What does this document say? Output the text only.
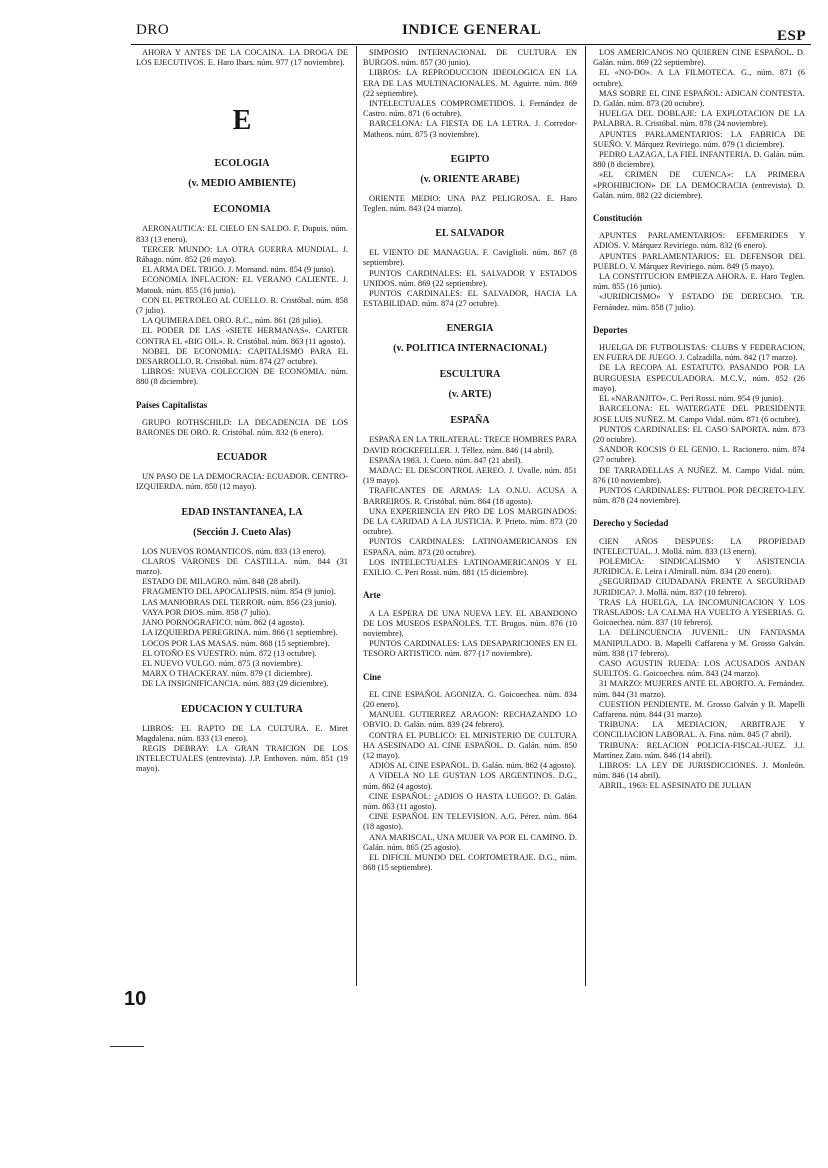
DRO	INDICE GENERAL	ESP
AHORA Y ANTES DE LA COCAINA. LA DROGA DE LOS EJECUTIVOS. E. Haro Ibars. núm. 977 (17 noviembre).
E
ECOLOGIA
(v. MEDIO AMBIENTE)
ECONOMIA
AERONAUTICA: EL CIELO EN SALDO. F. Dupuis. núm. 833 (13 enero).
TERCER MUNDO: LA OTRA GUERRA MUNDIAL. J. Rábago. núm. 852 (26 mayo).
EL ARMA DEL TRIGO. J. Mornand. núm. 854 (9 junio).
ECONOMIA INFLACION: EL VERANO CALIENTE. J. Matouk. núm. 855 (16 junio).
CON EL PETROLEO AL CUELLO. R. Cristóbal. núm. 858 (7 julio).
LA QUIMERA DEL ORO. R.C., núm. 861 (28 julio).
EL PODER DE LAS «SIETE HERMANAS». CARTER CONTRA EL «BIG OIL». R. Cristóbal. núm. 863 (11 agosto).
NOBEL DE ECONOMIA: CAPITALISMO PARA EL DESARROLLO. R. Cristóbal. núm. 874 (27 octubre).
LIBROS: NUEVA COLECCION DE ECONOMIA. núm. 880 (8 diciembre).
Países Capitalistas
GRUPO ROTHSCHILD: LA DECADENCIA DE LOS BARONES DE ORO. R. Cristóbal. núm. 832 (6 enero).
ECUADOR
UN PASO DE LA DEMOCRACIA: ECUADOR. CENTRO-IZQUIERDA. núm. 850 (12 mayo).
EDAD INSTANTANEA, LA
(Sección J. Cueto Alas)
LOS NUEVOS ROMANTICOS. núm. 833 (13 enero).
CLAROS VARONES DE CASTILLA. núm. 844 (31 marzo).
ESTADO DE MILAGRO. núm. 848 (28 abril).
FRAGMENTO DEL APOCALIPSIS. núm. 854 (9 junio).
LAS MANIOBRAS DEL TERROR. núm. 856 (23 junio).
VAYA POR DIOS. núm. 858 (7 julio).
JANO PORNOGRAFICO. núm. 862 (4 agosto).
LA IZQUIERDA PEREGRINA. núm. 866 (1 septiembre).
LOCOS POR LAS MASAS. núm. 868 (15 septiembre).
EL OTOÑO ES VUESTRO. núm. 872 (13 octubre).
EL NUEVO VULGO. núm. 875 (3 noviembre).
MARX O THACKERAY. núm. 879 (1 diciembre).
DE LA INSIGNIFICANCIA. núm. 883 (29 diciembre).
EDUCACION Y CULTURA
LIBROS: EL RAPTO DE LA CULTURA. E. Miret Magdalena. núm. 833 (13 enero).
REGIS DEBRAY: LA GRAN TRAICION DE LOS INTELECTUALES (entrevista). J.P. Enthoven. núm. 851 (19 mayo).
SIMPOSIO INTERNACIONAL DE CULTURA EN BURGOS. núm. 857 (30 junio).
LIBROS: LA REPRODUCCION IDEOLOGICA EN LA ERA DE LAS MULTINACIONALES. M. Aguirre. núm. 869 (22 septiembre).
INTELECTUALES COMPROMETIDOS. I. Fernández de Castro. núm. 871 (6 octubre).
BARCELONA: LA FIESTA DE LA LETRA. J. Corredor-Matheos. núm. 875 (3 noviembre).
EGIPTO
(v. ORIENTE ARABE)
ORIENTE MEDIO: UNA PAZ PELIGROSA. E. Haro Teglen. núm. 843 (24 marzo).
EL SALVADOR
EL VIENTO DE MANAGUA. F. Caviglioli. núm. 867 (8 septiembre).
PUNTOS CARDINALES: EL SALVADOR Y ESTADOS UNIDOS. núm. 869 (22 septiembre).
PUNTOS CARDINALES: EL SALVADOR, HACIA LA ESTABILIDAD. núm. 874 (27 octubre).
ENERGIA
(v. POLITICA INTERNACIONAL)
ESCULTURA
(v. ARTE)
ESPAÑA
ESPAÑA EN LA TRILATERAL: TRECE HOMBRES PARA DAVID ROCKEFELLER. J. Téllez. núm. 846 (14 abril).
ESPAÑA 1983. J. Cueto. núm. 847 (21 abril).
MADAC: EL DESCONTROL AEREO. J. Uvalle. núm. 851 (19 mayo).
TRAFICANTES DE ARMAS: LA O.N.U. ACUSA A BARREIROS. R. Cristóbal. núm. 864 (18 agosto).
UNA EXPERIENCIA EN PRO DE LOS MARGINADOS: DE LA CARIDAD A LA JUSTICIA. P. Prieto. núm. 873 (20 octubre).
PUNTOS CARDINALES: LATINOAMERICANOS EN ESPAÑA. núm. 873 (20 octubre).
LOS INTELECTUALES LATINOAMERICANOS Y EL EXILIO. C. Peri Rossi. núm. 881 (15 diciembre).
Arte
A LA ESPERA DE UNA NUEVA LEY. EL ABANDONO DE LOS MUSEOS ESPAÑOLES. T.T. Brugos. núm. 876 (10 noviembre).
PUNTOS CARDINALES: LAS DESAPARICIONES EN EL TESORO ARTISTICO. núm. 877 (17 noviembre).
Cine
EL CINE ESPAÑOL AGONIZA. G. Goicoechea. núm. 834 (20 enero).
MANUEL GUTIERREZ ARAGON: RECHAZANDO LO OBVIO. D. Galán. núm. 839 (24 febrero).
CONTRA EL PUBLICO: EL MINISTERIO DE CULTURA HA ASESINADO AL CINE ESPAÑOL. D. Galán. núm. 850 (12 mayo).
ADIOS AL CINE ESPAÑOL. D. Galán. núm. 862 (4 agosto).
A VIDELA NO LE GUSTAN LOS ARGENTINOS. D.G., núm. 862 (4 agosto).
CINE ESPAÑOL: ¿ADIOS O HASTA LUEGO?. D. Galán. núm. 863 (11 agosto).
CINE ESPAÑOL EN TELEVISION. A.G. Pérez. núm. 864 (18 agosto).
ANA MARISCAL, UNA MUJER VA POR EL CAMINO. D. Galán. núm. 865 (25 agosto).
EL DIFICIL MUNDO DEL CORTOMETRAJE. D.G., núm. 868 (15 septiembre).
LOS AMERICANOS NO QUIEREN CINE ESPAÑOL. D. Galán. núm. 869 (22 septiembre).
EL «NO-DO». A LA FILMOTECA. G., núm. 871 (6 octubre).
MAS SOBRE EL CINE ESPAÑOL: ADICAN CONTESTA. D. Galán. núm. 873 (20 octubre).
HUELGA DEL DOBLAJE: LA EXPLOTACION DE LA PALABRA. R. Cristóbal. núm. 878 (24 noviembre).
APUNTES PARLAMENTARIOS: LA FABRICA DE SUEÑO. V. Márquez Reviriego. núm. 879 (1 diciembre).
PEDRO LAZAGA, LA FIEL INFANTERIA. D. Galán. núm. 880 (8 diciembre).
«EL CRIMEN DE CUENCA»: LA PRIMERA «PROHIBICION» DE LA DEMOCRACIA (entrevista). D. Galán. núm. 882 (22 diciembre).
Constitución
APUNTES PARLAMENTARIOS: EFEMERIDES Y ADIOS. V. Márquez Reviriego. núm. 832 (6 enero).
APUNTES PARLAMENTARIOS: EL DEFENSOR DEL PUEBLO. V. Márquez Reviriego. núm. 849 (5 mayo).
LA CONSTITUCION EMPIEZA AHORA. E. Haro Teglen. núm. 855 (16 junio).
«JURIDICISMO» Y ESTADO DE DERECHO. T.R. Fernández. núm. 858 (7 julio).
Deportes
HUELGA DE FUTBOLISTAS: CLUBS Y FEDERACION, EN FUERA DE JUEGO. J. Calzadilla. núm. 842 (17 marzo).
DE LA RECOPA AL ESTATUTO. PASANDO POR LA BURGUESIA ESPECULADORA. M.C.V., núm. 852 (26 mayo).
EL «NARANJITO». C. Peri Rossi. núm. 954 (9 junio).
BARCELONA: EL WATERGATE DEL PRESIDENTE JOSE LUIS NUÑEZ. M. Campo Vidal. núm. 871 (6 octubre).
PUNTOS CARDINALES: EL CASO SAPORTA. núm. 873 (20 octubre).
SANDOR KOCSIS O EL GENIO. L. Racionero. núm. 874 (27 octubre).
DE TARRADELLAS A NUÑEZ. M. Campo Vidal. núm. 876 (10 noviembre).
PUNTOS CARDINALES: FUTBOL POR DECRETO-LEY. núm. 878 (24 noviembre).
Derecho y Sociedad
CIEN AÑOS DESPUES: LA PROPIEDAD INTELECTUAL. J. Mollá. núm. 833 (13 enero).
POLEMICA: SINDICALISMO Y ASISTENCIA JURIDICA. E. Leira i Almirall. núm. 834 (20 enero).
¿SEGURIDAD CIUDADANA FRENTE A SEGURIDAD JURIDICA?. J. Mollá. núm. 837 (10 febrero).
TRAS LA HUELGA, LA INCOMUNICACION Y LOS TRASLADOS: LA CALMA HA VUELTO A YESERIAS. G. Goicoechea. núm. 837 (10 febrero).
LA DELINCUENCIA JUVENIL: UN FANTASMA MANIPULADO. B. Mapelli Caffarena y M. Grosso Galván. núm. 838 (17 febrero).
CASO AGUSTIN RUEDA: LOS ACUSADOS ANDAN SUELTOS. G. Goicoechea. núm. 843 (24 marzo).
31 MARZO: MUJERES ANTE EL ABORTO. A. Fernández. núm. 844 (31 marzo).
CUESTION PENDIENTE. M. Grosso Galván y B. Mapelli Caffarena. núm. 844 (31 marzo).
TRIBUNA: LA MEDIACION, ARBITRAJE Y CONCILIACION LABORAL. A. Fina. núm. 845 (7 abril).
TRIBUNA: RELACION POLICIA-FISCAL-JUEZ. J.J. Martínez Zato. núm. 846 (14 abril).
LIBROS: LA LEY DE JURISDICCIONES. J. Monleón. núm. 846 (14 abril).
ABRIL, 1963: EL ASESINATO DE JULIAN
10
